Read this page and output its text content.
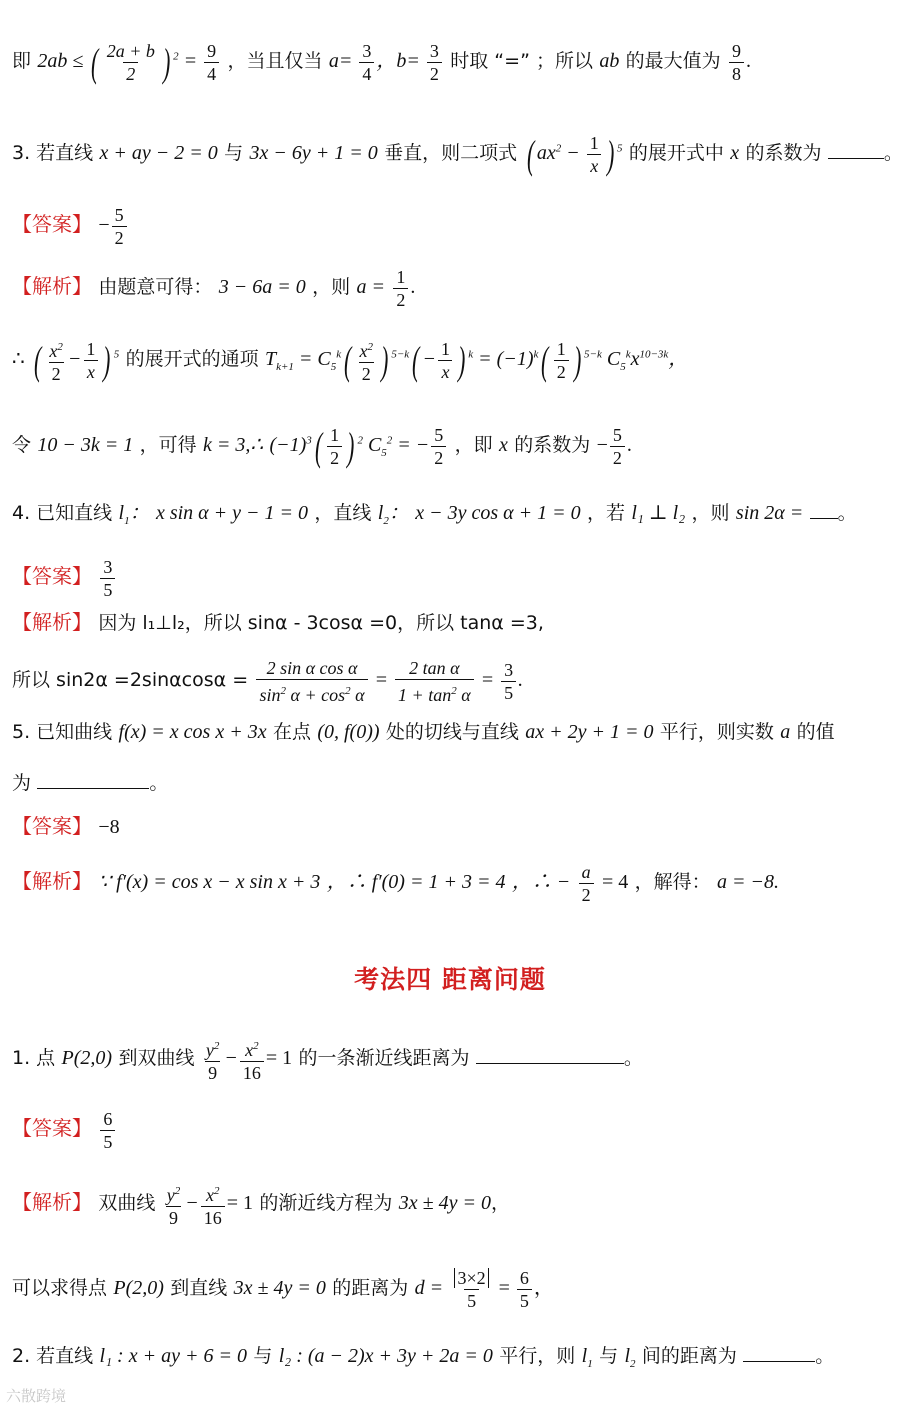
即 2ab ≤ ( $\frac{2a + b}{2}$ ) $^2 = \frac{9}{4}$ ，当且仅当 $a= \frac{3}{4}$ ，$b= \frac{3}{2}$ 时取 “=” ；所以 ab 的最大值为 $\frac{9}{8}$ .
3. 若直线 x + ay − 2 = 0 与 3x − 6y + 1 = 0 垂直，则二项式 ( $ax^2 - \frac{1}{x}$ ) $^5$ 的展开式中 x 的系数为	。
【答案】 − $\frac{5}{2}$
【解析】 由题意可得： 3 − 6a = 0 ，则 $a = \frac{1}{2}$ .
∴ ( $\frac{x^2}{2} - \frac{1}{x}$ ) $^5$ 的展开式的通项 $T_{k+1} = C_5^k( \frac{x^2}{2}$ ) $^{5-k}( - \frac{1}{x}$ ) $^k = (-1)^k( \frac{1}{2}$ ) $^{5-k}$ $C_5^kx^{10-3k}$，
令 10 − 3k = 1 ，可得 k = 3,∴ $(-1)^3( \frac{1}{2}$ ) $^2$ $C_5^2$ = − $\frac{5}{2}$ ，即 x 的系数为 − $\frac{5}{2}$ .
4. 已知直线 $l_1$： x sin α + y − 1 = 0 ，直线 $l_2$： x − 3y cos α + 1 = 0 ，若 l₁ ⊥ l₂ ，则 sin 2α = 。
【答案】 $\frac{3}{5}$
【解析】 因为 l₁⊥l₂，所以 sinα - 3cosα =0，所以 tanα =3,
所以 $\sin 2\alpha =2\sin\alpha\cos\alpha = \frac{\text{2 sin α cos α}}{\sin^2 \alpha + \cos^2 \alpha} = \frac{\text{2 tan α}}{1 + \tan^2 \alpha} = \frac{3}{5}$ .
5. 已知曲线 f(x) = x cos x + 3x 在点 (0, f(0)) 处的切线与直线 ax + 2y + 1 = 0 平行，则实数 a 的值
为	。
【答案】 −8
【解析】 ∵ f′(x) = cos x − x sin x + 3 ，∴ f′(0) = 1 + 3 = 4 ，∴ − $\frac{a}{2} = 4$ ，解得： a = −8.
考法四 距离问题
1. 点 P(2,0) 到双曲线 $\frac{y^2}{9} - \frac{x^2}{16} = 1$ 的一条渐近线距离为	。
【答案】 $\frac{6}{5}$
【解析】 双曲线 $\frac{y^2}{9} - \frac{x^2}{16} = 1$ 的渐近线方程为 3x ± 4y = 0，
可以求得点 P(2,0) 到直线 3x ± 4y = 0 的距离为 $d = \frac{3\times 2}{5} = \frac{6}{5}$ ，
2. 若直线 l₁ : x + ay + 6 = 0 与 l₂ : (a − 2)x + 3y + 2a = 0 平行，则 $l_1$ 与 $l_2$ 间的距离为	。
六散跨境
